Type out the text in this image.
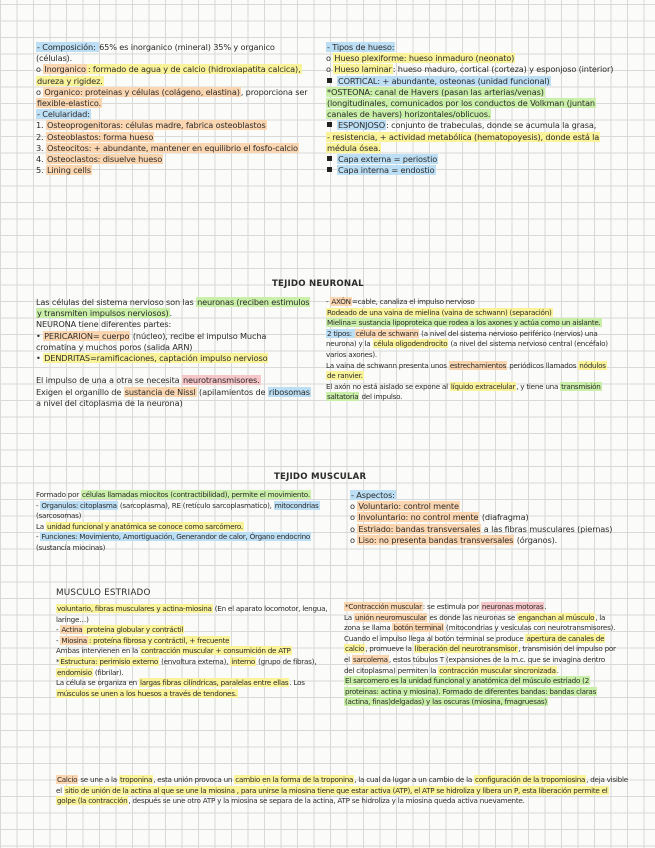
- Composición: 65% es inorganico (mineral) 35% y organico
(células).
o Inorganico : formado de agua y de calcio (hidroxiapatita calcica),
dureza y rigidez.
o Organico: proteinas y células (colágeno, elastina), proporciona ser
flexible-elastico.
- Celularidad:
1. Osteoprogenitoras: células madre, fabrica osteoblastos
2. Osteoblastos: forma hueso
3. Osteocitos: + abundante, mantener en equilibrio el fosfo-calcio
4. Osteoclastos: disuelve hueso
5. Lining cells
- Tipos de hueso:
o Hueso plexiforme: hueso inmaduro (neonato)
o Hueso laminar: hueso maduro, cortical (corteza) y esponjoso (interior)
CORTICAL: + abundante, osteonas (unidad funcional)
*OSTEONA: canal de Havers (pasan las arterias/venas)
(longitudinales, comunicados por los conductos de Volkman (juntan
canales de havers) horizontales/oblicuos.
ESPONJOSO: conjunto de trabeculas, donde se acumula la grasa,
- resistencia, + actividad metabólica (hematopoyesis), donde está la
médula ósea.
Capa externa = periostio
Capa interna = endostio
TEJIDO NEURONAL
Las células del sistema nervioso son las neuronas (reciben estimulos
y transmiten impulsos nerviosos).
NEURONA tiene diferentes partes:
• PERICARION= cuerpo (núcleo), recibe el impulso Mucha
cromatina y muchos poros (salida ARN)
• DENDRITAS=ramificaciones, captación impulso nervioso

El impulso de una a otra se necesita neurotransmisores.
Exigen el organillo de sustancia de Nissl (apilamientos de ribosomas
a nivel del citoplasma de la neurona)
- AXÓN=cable, canaliza el impulso nervioso
Rodeado de una vaina de mielina (vaina de schwann) (separación)
Mielina= sustancia lipoproteica que rodea a los axones y actúa como un aislante.
2 tipos: célula de schwann (a nivel del sistema nervioso periférico (nervios) una
neurona) y la célula oligodendrocito (a nivel del sistema nervioso central (encéfalo)
varios axones).
La vaina de schwann presenta unos estrechamientos periódicos llamados nódulos
de ranvier.
El axón no está aislado se expone al líquido extracelular, y tiene una transmisión
saltatoria del impulso.
TEJIDO MUSCULAR
Formado por células llamadas miocitos (contractibilidad), permite el movimiento.
- Organulos: citoplasma (sarcoplasma), RE (retículo sarcoplasmatico), mitocondrias
(sarcosomas)
La unidad funcional y anatómica se conoce como sarcómero.
- Funciones: Movimiento, Amortiguación, Generandor de calor, Órgano endocrino
(sustancia miocinas)
- Aspectos:
o Voluntario: control mente
o Involuntario: no control mente (diafragma)
o Estriado: bandas transversales a las fibras musculares (piernas)
o Liso: no presenta bandas transversales (órganos).
MUSCULO ESTRIADO
voluntario, fibras musculares y actina-miosina (En el aparato locomotor, lengua,
laringe…)
- Actina proteína globular y contráctil
- Miosina : proteína fibrosa y contráctil, + frecuente
Ambas intervienen en la contracción muscular + consumición de ATP
*Estructura: perimisio externo (envoltura externa), interno (grupo de fibras),
endomisio (fibrilar).
La célula se organiza en largas fibras cilíndricas, paralelas entre ellas. Los
músculos se unen a los huesos a través de tendones.
*Contracción muscular: se estimula por neuronas motoras.
La unión neuromuscular es donde las neuronas se enganchan al músculo, la
zona se llama botón terminal (mitocondrias y vesículas con neurotransmisores).
Cuando el impulso llega al botón terminal se produce apertura de canales de
calcio, promueve la liberación del neurotransmisor, transmisión del impulso por
el sarcolema, estos túbulos T (expansiones de la m.c. que se invagina dentro
del citoplasma) permiten la contracción muscular sincronizada.
El sarcomero es la unidad funcional y anatómica del músculo estriado (2
proteinas: actina y miosina). Formado de diferentes bandas: bandas claras
(actina, finas)delgadas) y las oscuras (miosina, fmagruesas)
Calcio se une a la troponina, esta unión provoca un cambio en la forma de la troponina, la cual da lugar a un cambio de la configuración de la tropomiosina, deja visible
el sitio de unión de la actina al que se une la miosina , para unirse la miosina tiene que estar activa (ATP), el ATP se hidroliza y libera un P, esta liberación permite el
golpe (la contracción, después se une otro ATP y la miosina se separa de la actina, ATP se hidroliza y la miosina queda activa nuevamente.
